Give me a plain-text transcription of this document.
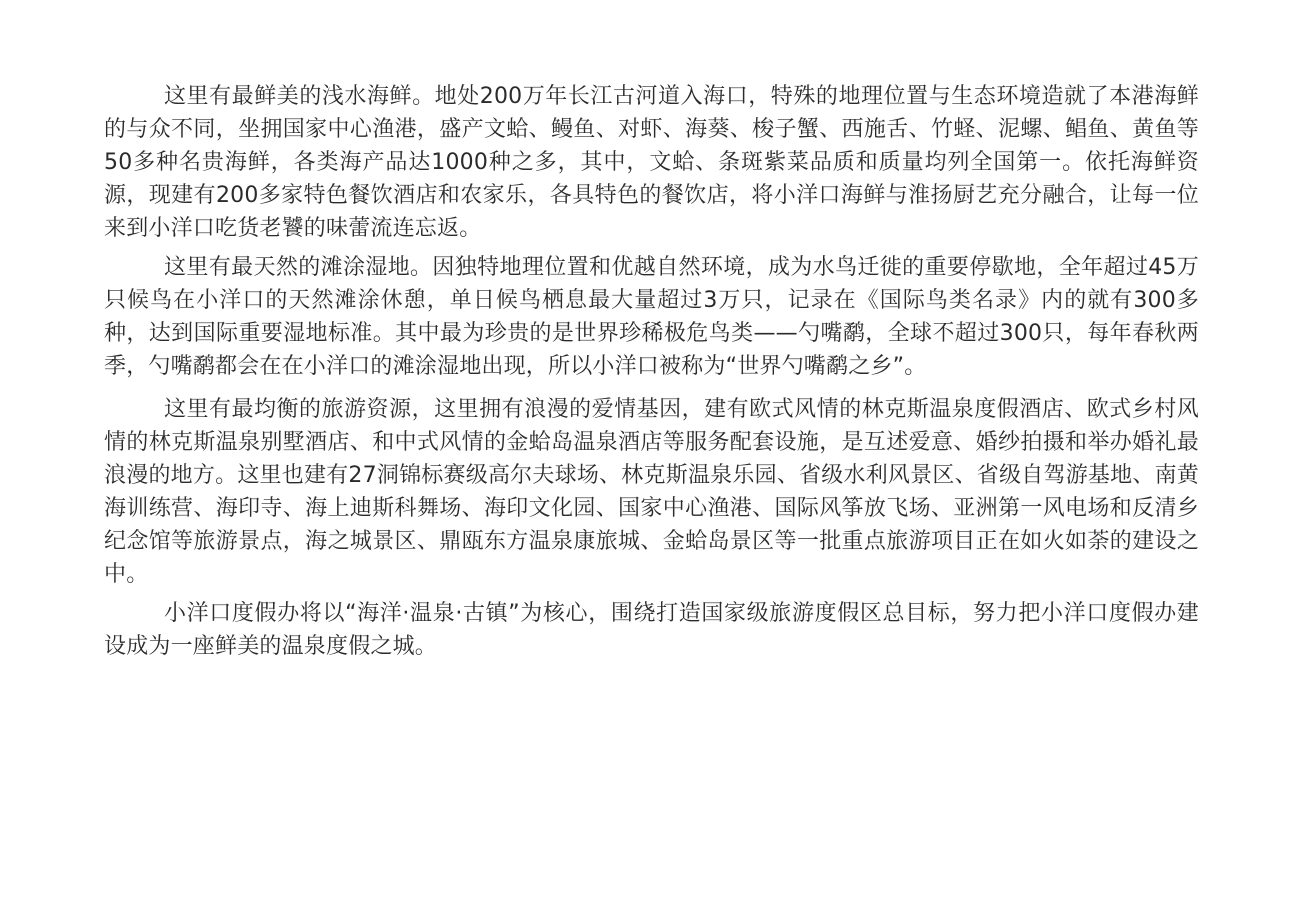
这里有最鲜美的浅水海鲜。地处200万年长江古河道入海口，特殊的地理位置与生态环境造就了本港海鲜的与众不同，坐拥国家中心渔港，盛产文蛤、鳗鱼、对虾、海葵、梭子蟹、西施舌、竹蛏、泥螺、鲳鱼、黄鱼等50多种名贵海鲜，各类海产品达1000种之多，其中，文蛤、条斑紫菜品质和质量均列全国第一。依托海鲜资源，现建有200多家特色餐饮酒店和农家乐，各具特色的餐饮店，将小洋口海鲜与淮扬厨艺充分融合，让每一位来到小洋口吃货老饕的味蕾流连忘返。

这里有最天然的滩涂湿地。因独特地理位置和优越自然环境，成为水鸟迁徙的重要停歇地，全年超过45万只候鸟在小洋口的天然滩涂休憩，单日候鸟栖息最大量超过3万只，记录在《国际鸟类名录》内的就有300多种，达到国际重要湿地标准。其中最为珍贵的是世界珍稀极危鸟类——勺嘴鹬，全球不超过300只，每年春秋两季，勺嘴鹬都会在在小洋口的滩涂湿地出现，所以小洋口被称为“世界勺嘴鹬之乡”。

这里有最均衡的旅游资源，这里拥有浪漫的爱情基因，建有欧式风情的林克斯温泉度假酒店、欧式乡村风情的林克斯温泉别墅酒店、和中式风情的金蛤岛温泉酒店等服务配套设施，是互述爱意、婚纱拍摄和举办婚礼最浪漫的地方。这里也建有27洞锦标赛级高尔夫球场、林克斯温泉乐园、省级水利风景区、省级自驾游基地、南黄海训练营、海印寺、海上迪斯科舞场、海印文化园、国家中心渔港、国际风筝放飞场、亚洲第一风电场和反清乡纪念馆等旅游景点，海之城景区、鼎瓯东方温泉康旅城、金蛤岛景区等一批重点旅游项目正在如火如荼的建设之中。

小洋口度假办将以“海洋·温泉·古镇”为核心，围绕打造国家级旅游度假区总目标，努力把小洋口度假办建设成为一座鲜美的温泉度假之城。
